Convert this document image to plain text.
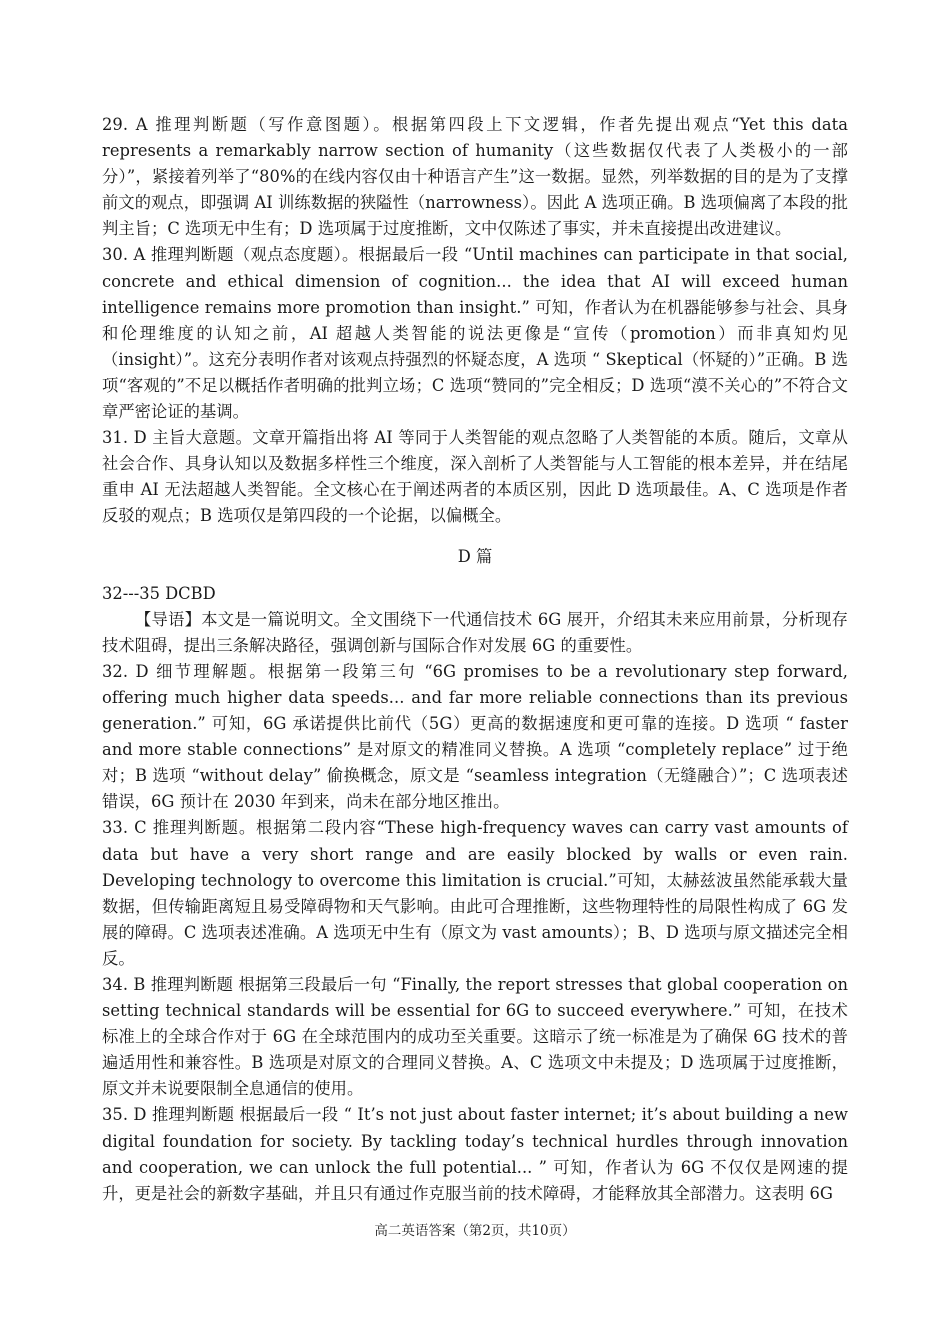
29. A 推理判断题（写作意图题）。根据第四段上下文逻辑，作者先提出观点“Yet this data represents a remarkably narrow section of humanity（这些数据仅代表了人类极小的一部分）”，紧接着列举了“80%的在线内容仅由十种语言产生”这一数据。显然，列举数据的目的是为了支撑前文的观点，即强调 AI 训练数据的狭隘性（narrowness）。因此 A 选项正确。B 选项偏离了本段的批判主旨；C 选项无中生有；D 选项属于过度推断，文中仅陈述了事实，并未直接提出改进建议。

30. A 推理判断题（观点态度题）。根据最后一段 “Until machines can participate in that social, concrete and ethical dimension of cognition... the idea that AI will exceed human intelligence remains more promotion than insight.” 可知，作者认为在机器能够参与社会、具身和伦理维度的认知之前，AI 超越人类智能的说法更像是“宣传（promotion）而非真知灼见（insight）”。这充分表明作者对该观点持强烈的怀疑态度，A 选项 “ Skeptical（怀疑的）”正确。B 选项“客观的”不足以概括作者明确的批判立场；C 选项“赞同的”完全相反；D 选项“漠不关心的”不符合文章严密论证的基调。

31. D 主旨大意题。文章开篇指出将 AI 等同于人类智能的观点忽略了人类智能的本质。随后，文章从社会合作、具身认知以及数据多样性三个维度，深入剖析了人类智能与人工智能的根本差异，并在结尾重申 AI 无法超越人类智能。全文核心在于阐述两者的本质区别，因此 D 选项最佳。A、C 选项是作者反驳的观点；B 选项仅是第四段的一个论据，以偏概全。

D 篇

32---35 DCBD

【导语】本文是一篇说明文。全文围绕下一代通信技术 6G 展开，介绍其未来应用前景，分析现存技术阻碍，提出三条解决路径，强调创新与国际合作对发展 6G 的重要性。

32. D 细节理解题。根据第一段第三句 “6G promises to be a revolutionary step forward, offering much higher data speeds... and far more reliable connections than its previous generation.” 可知，6G 承诺提供比前代（5G）更高的数据速度和更可靠的连接。D 选项 “ faster and more stable connections” 是对原文的精准同义替换。A 选项 “completely replace” 过于绝对；B 选项 “without delay” 偷换概念，原文是 “seamless integration（无缝融合）”；C 选项表述错误，6G 预计在 2030 年到来，尚未在部分地区推出。

33. C 推理判断题。根据第二段内容“These high-frequency waves can carry vast amounts of data but have a very short range and are easily blocked by walls or even rain. Developing technology to overcome this limitation is crucial.”可知，太赫兹波虽然能承载大量数据，但传输距离短且易受障碍物和天气影响。由此可合理推断，这些物理特性的局限性构成了 6G 发展的障碍。C 选项表述准确。A 选项无中生有（原文为 vast amounts）；B、D 选项与原文描述完全相反。

34. B 推理判断题 根据第三段最后一句 “Finally, the report stresses that global cooperation on setting technical standards will be essential for 6G to succeed everywhere.” 可知，在技术标准上的全球合作对于 6G 在全球范围内的成功至关重要。这暗示了统一标准是为了确保 6G 技术的普遍适用性和兼容性。B 选项是对原文的合理同义替换。A、C 选项文中未提及；D 选项属于过度推断，原文并未说要限制全息通信的使用。

35. D 推理判断题 根据最后一段 “ It’s not just about faster internet; it’s about building a new digital foundation for society. By tackling today’s technical hurdles through innovation and cooperation, we can unlock the full potential... ” 可知，作者认为 6G 不仅仅是网速的提升，更是社会的新数字基础，并且只有通过作克服当前的技术障碍，才能释放其全部潜力。这表明 6G

高二英语答案（第2页，共10页）
